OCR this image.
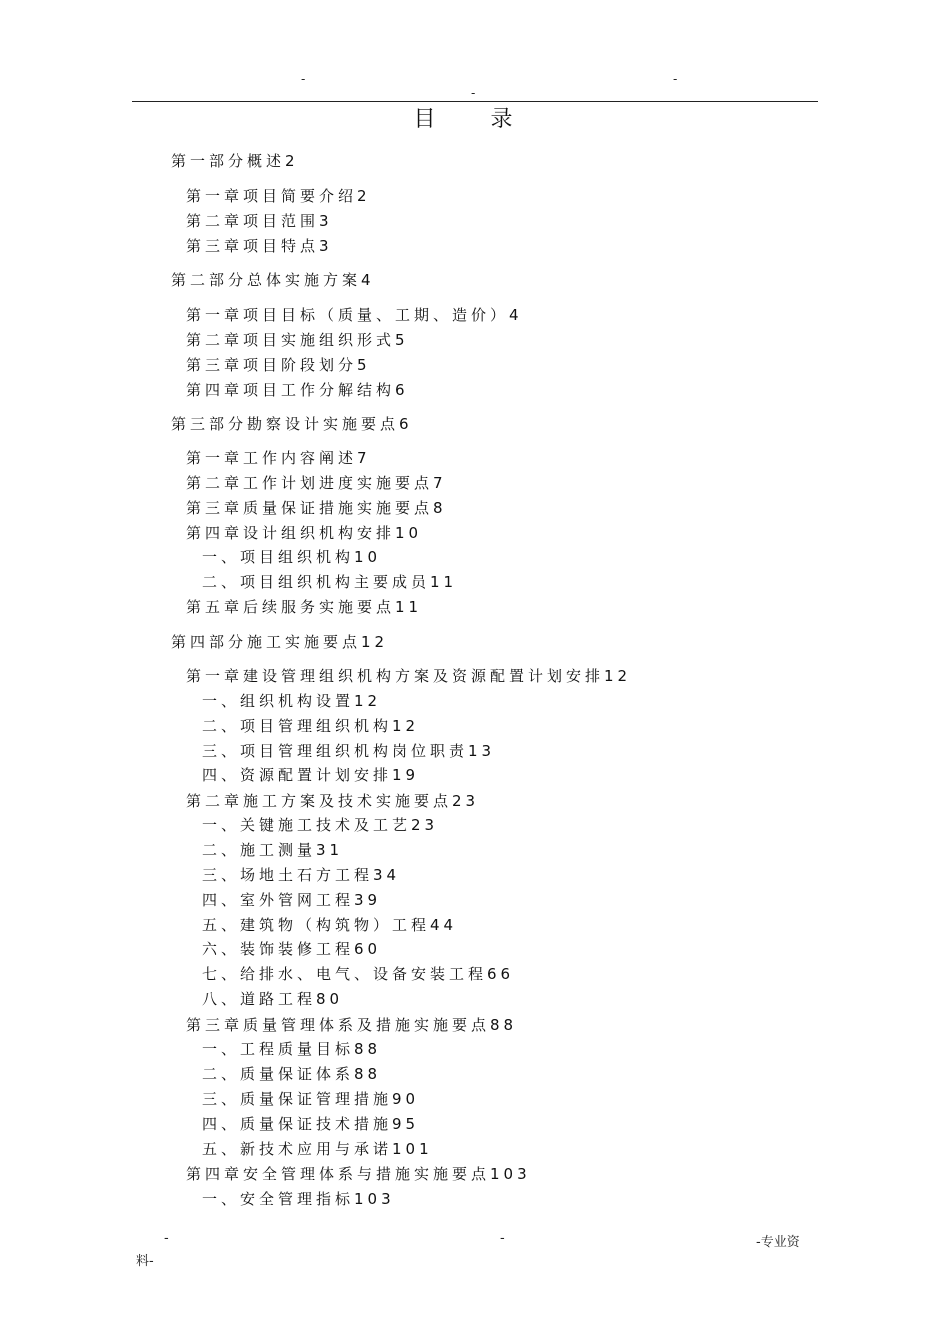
-
-
-
目 录
第一部分概述2
第一章项目简要介绍2
第二章项目范围3
第三章项目特点3
第二部分总体实施方案4
第一章项目目标（质量、工期、造价）4
第二章项目实施组织形式5
第三章项目阶段划分5
第四章项目工作分解结构6
第三部分勘察设计实施要点6
第一章工作内容阐述7
第二章工作计划进度实施要点7
第三章质量保证措施实施要点8
第四章设计组织机构安排10
一、项目组织机构10
二、项目组织机构主要成员11
第五章后续服务实施要点11
第四部分施工实施要点12
第一章建设管理组织机构方案及资源配置计划安排12
一、组织机构设置12
二、项目管理组织机构12
三、项目管理组织机构岗位职责13
四、资源配置计划安排19
第二章施工方案及技术实施要点23
一、关键施工技术及工艺23
二、施工测量31
三、场地土石方工程34
四、室外管网工程39
五、建筑物（构筑物）工程44
六、装饰装修工程60
七、给排水、电气、设备安装工程66
八、道路工程80
第三章质量管理体系及措施实施要点88
一、工程质量目标88
二、质量保证体系88
三、质量保证管理措施90
四、质量保证技术措施95
五、新技术应用与承诺101
第四章安全管理体系与措施实施要点103
一、安全管理指标103
-	-	-专业资
料-
